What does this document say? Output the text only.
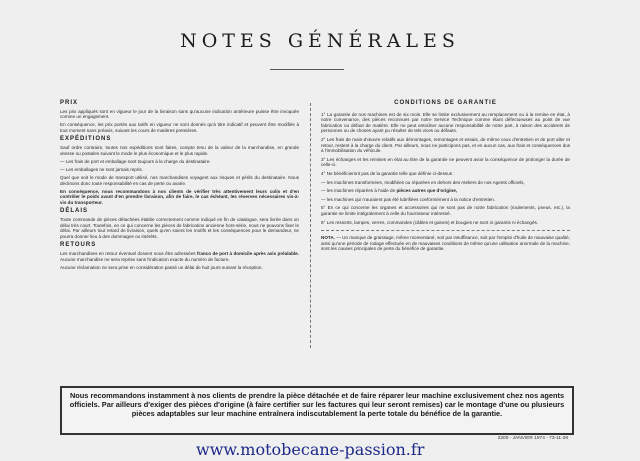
NOTES GÉNÉRALES
PRIX

Les prix appliqués sont en vigueur le jour de la livraison sans qu'aucune indication antérieure puisse être invoquée comme un engagement.

En conséquence, les prix portés aux tarifs en vigueur ne sont donnés qu'à titre indicatif et peuvent être modifiés à tout moment sans préavis, suivant les cours de matières premières.

EXPÉDITIONS

Sauf ordre contraire, toutes nos expéditions sont faites, compte tenu de la valeur de la marchandise, en grande vitesse ou postales suivant le mode le plus économique et le plus rapide.

— Les frais de port et emballage sont toujours à la charge du destinataire.

— Les emballages ne sont jamais repris.

Quel que soit le mode de transport utilisé, nos marchandises voyagent aux risques et périls du destinataire. Nous déclinons donc toute responsabilité en cas de perte ou avarie.

En conséquence, nous recommandons à nos clients de vérifier très attentivement leurs colis et d'en contrôler le poids avant d'en prendre livraison, afin de faire, le cas échéant, les réserves nécessaires vis-à-vis du transporteur.

DÉLAIS

Toute commande de pièces détachées établie correctement comme indiqué en fin de catalogue, sera livrée dans un délai très court. Toutefois, en ce qui concerne les pièces de fabrication ancienne hors-série, nous ne pouvons fixer le délai. Par ailleurs tout retard de livraison, quels qu'en soient les motifs et les conséquences pour le demandeur, ne pourra donner lieu à des dommages ou intérêts.

RETOURS

Les marchandises en retour éventuel doivent nous être adressées franco de port à domicile après avis préalable. Aucune marchandise ne sera reprise sans l'indication exacte du numéro de facture.

Aucune réclamation ne sera prise en considération passé un délai de huit jours suivant la réception.

CONDITIONS DE GARANTIE

1° La garantie de nos machines est de six mois. Elle se limite exclusivement au remplacement ou à la remise en état, à notre convenance, des pièces reconnues par notre Service Technique comme étant défectueuses au point de vue fabrication ou défaut de matière. Elle ne peut entraîner aucune responsabilité de notre part, à raison des accidents de personnes ou de choses ayant pu résulter de tels vices ou défauts.

2° Les frais de main-d'œuvre relatifs aux démontages, remontages et essais, de même ceux d'entretien et de port aller et retour, restent à la charge du client. Par ailleurs, nous ne participons pas, et en aucun cas, aux frais et conséquences dus à l'immobilisation du véhicule.

3° Les échanges et les remises en état au titre de la garantie ne peuvent avoir la conséquence de prolonger la durée de celle-ci.

4° Ne bénéficieront pas de la garantie telle que définie ci-dessus :

— les machines transformées, modifiées ou réparées en dehors des Ateliers de nos Agents officiels,

— les machines réparées à l'aide de pièces autres que d'origine,

— les machines qui n'auraient pas été lubrifiées conformément à la notice d'entretien.

5° En ce qui concerne les organes et accessoires qui ne sont pas de notre fabrication (roulements, pneus, etc.), la garantie se limite intégralement à celle du fournisseur intéressé.

6° Les ressorts, lampes, verres, commandes (câbles et gaines) et bougies ne sont ni garantis ni échangés.

NOTA. — Un manque de graissage, même momentané, soit par insuffisance, soit par l'emploi d'huile de mauvaise qualité, ainsi qu'une période de rodage effectuée en de mauvaises conditions de même qu'une utilisation anormale de la machine, sont les causes principales de perte du bénéfice de garantie.

Nous recommandons instamment à nos clients de prendre la pièce détachée et de faire réparer leur machine exclusivement chez nos agents officiels. Par ailleurs d'exiger des pièces d'origine (à faire certifier sur les factures qui leur seront remises) car le montage d'une ou plusieurs pièces adaptables sur leur machine entraînera indiscutablement la perte totale du bénéfice de la garantie.
2200 - JANVIER 1974 - 73-11-28
www.motobecane-passion.fr
